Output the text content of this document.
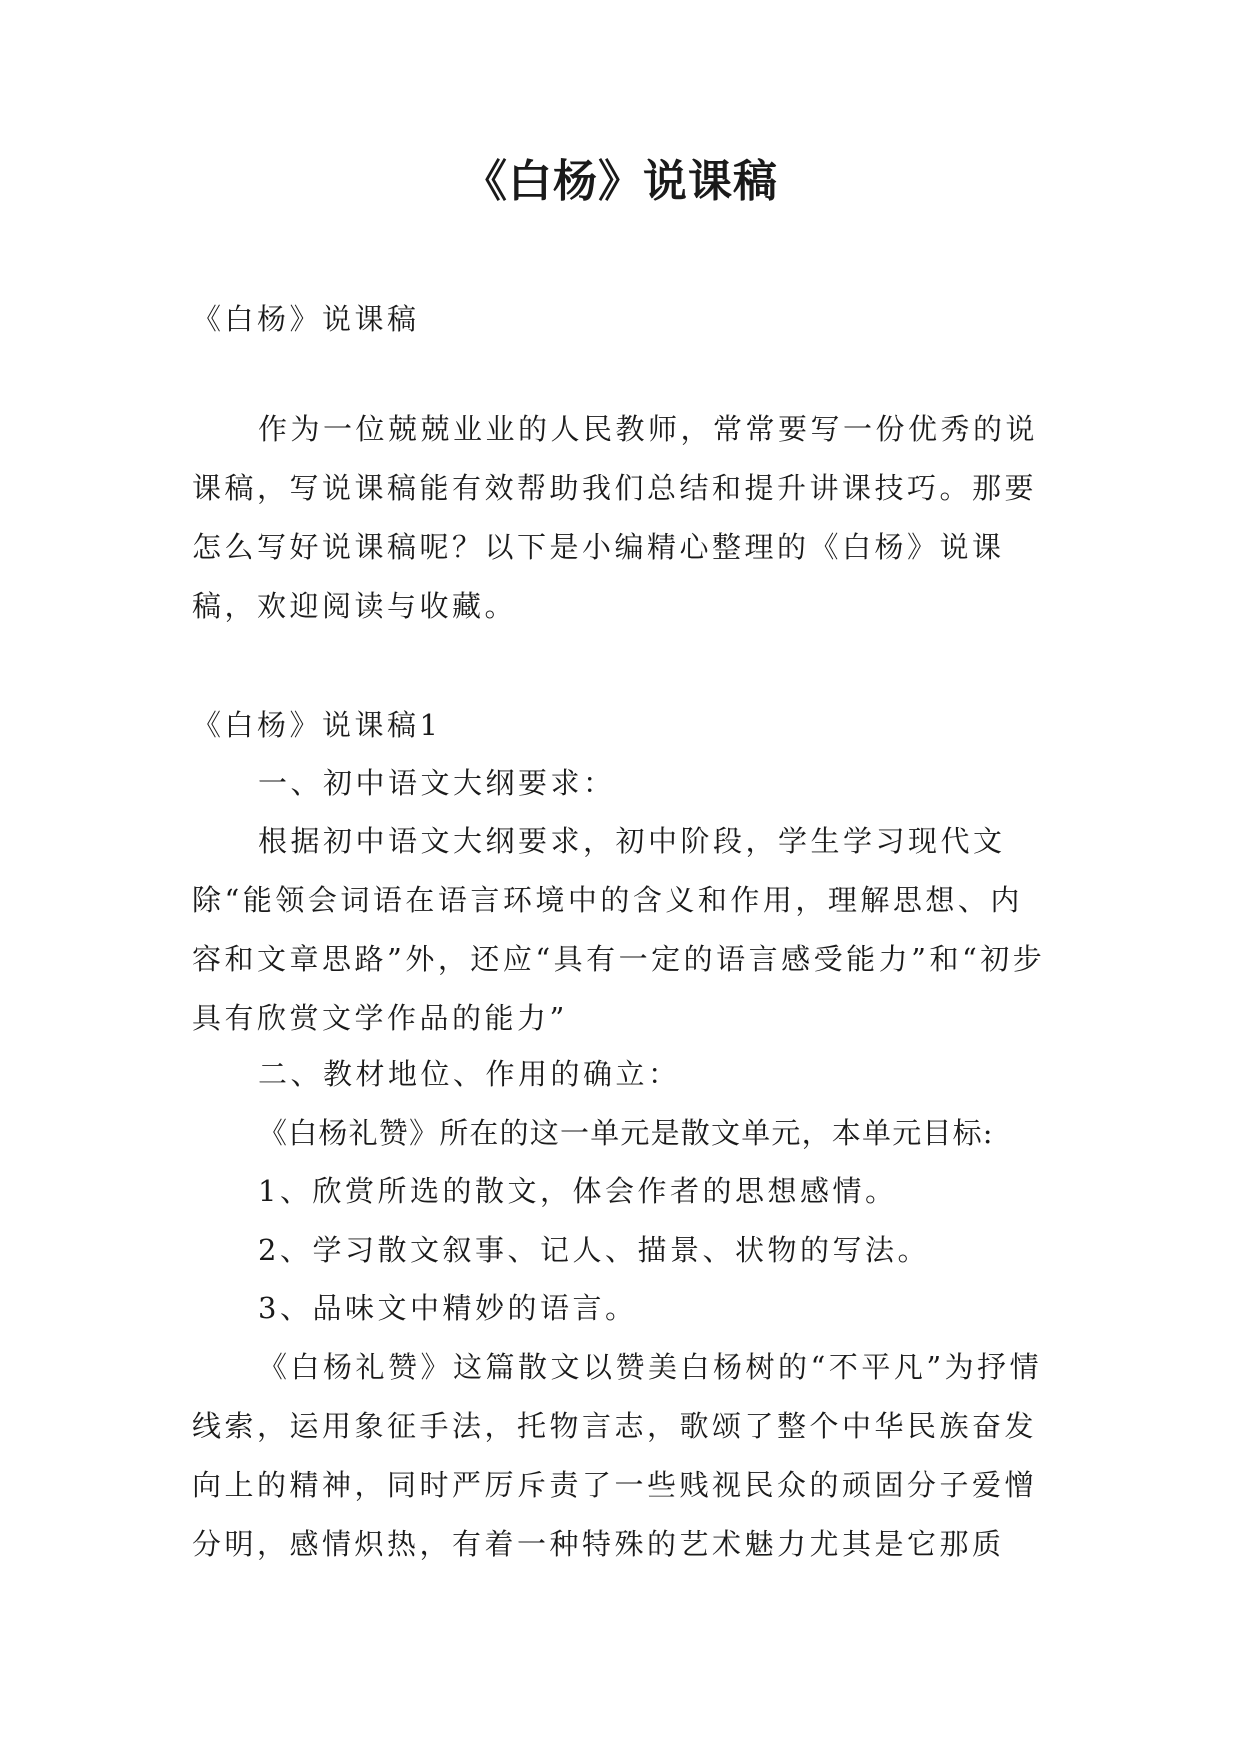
《白杨》说课稿

《白杨》说课稿

作为一位兢兢业业的人民教师，常常要写一份优秀的说课稿，写说课稿能有效帮助我们总结和提升讲课技巧。那要怎么写好说课稿呢？以下是小编精心整理的《白杨》说课稿，欢迎阅读与收藏。

《白杨》说课稿1

一、初中语文大纲要求：

根据初中语文大纲要求，初中阶段，学生学习现代文除“能领会词语在语言环境中的含义和作用，理解思想、内容和文章思路”外，还应“具有一定的语言感受能力”和“初步具有欣赏文学作品的能力”

二、教材地位、作用的确立：

《白杨礼赞》所在的这一单元是散文单元，本单元目标:

1、欣赏所选的散文，体会作者的思想感情。

2、学习散文叙事、记人、描景、状物的写法。

3、品味文中精妙的语言。

《白杨礼赞》这篇散文以赞美白杨树的“不平凡”为抒情线索，运用象征手法，托物言志，歌颂了整个中华民族奋发向上的精神，同时严厉斥责了一些贱视民众的顽固分子爱憎分明，感情炽热，有着一种特殊的艺术魅力尤其是它那质
